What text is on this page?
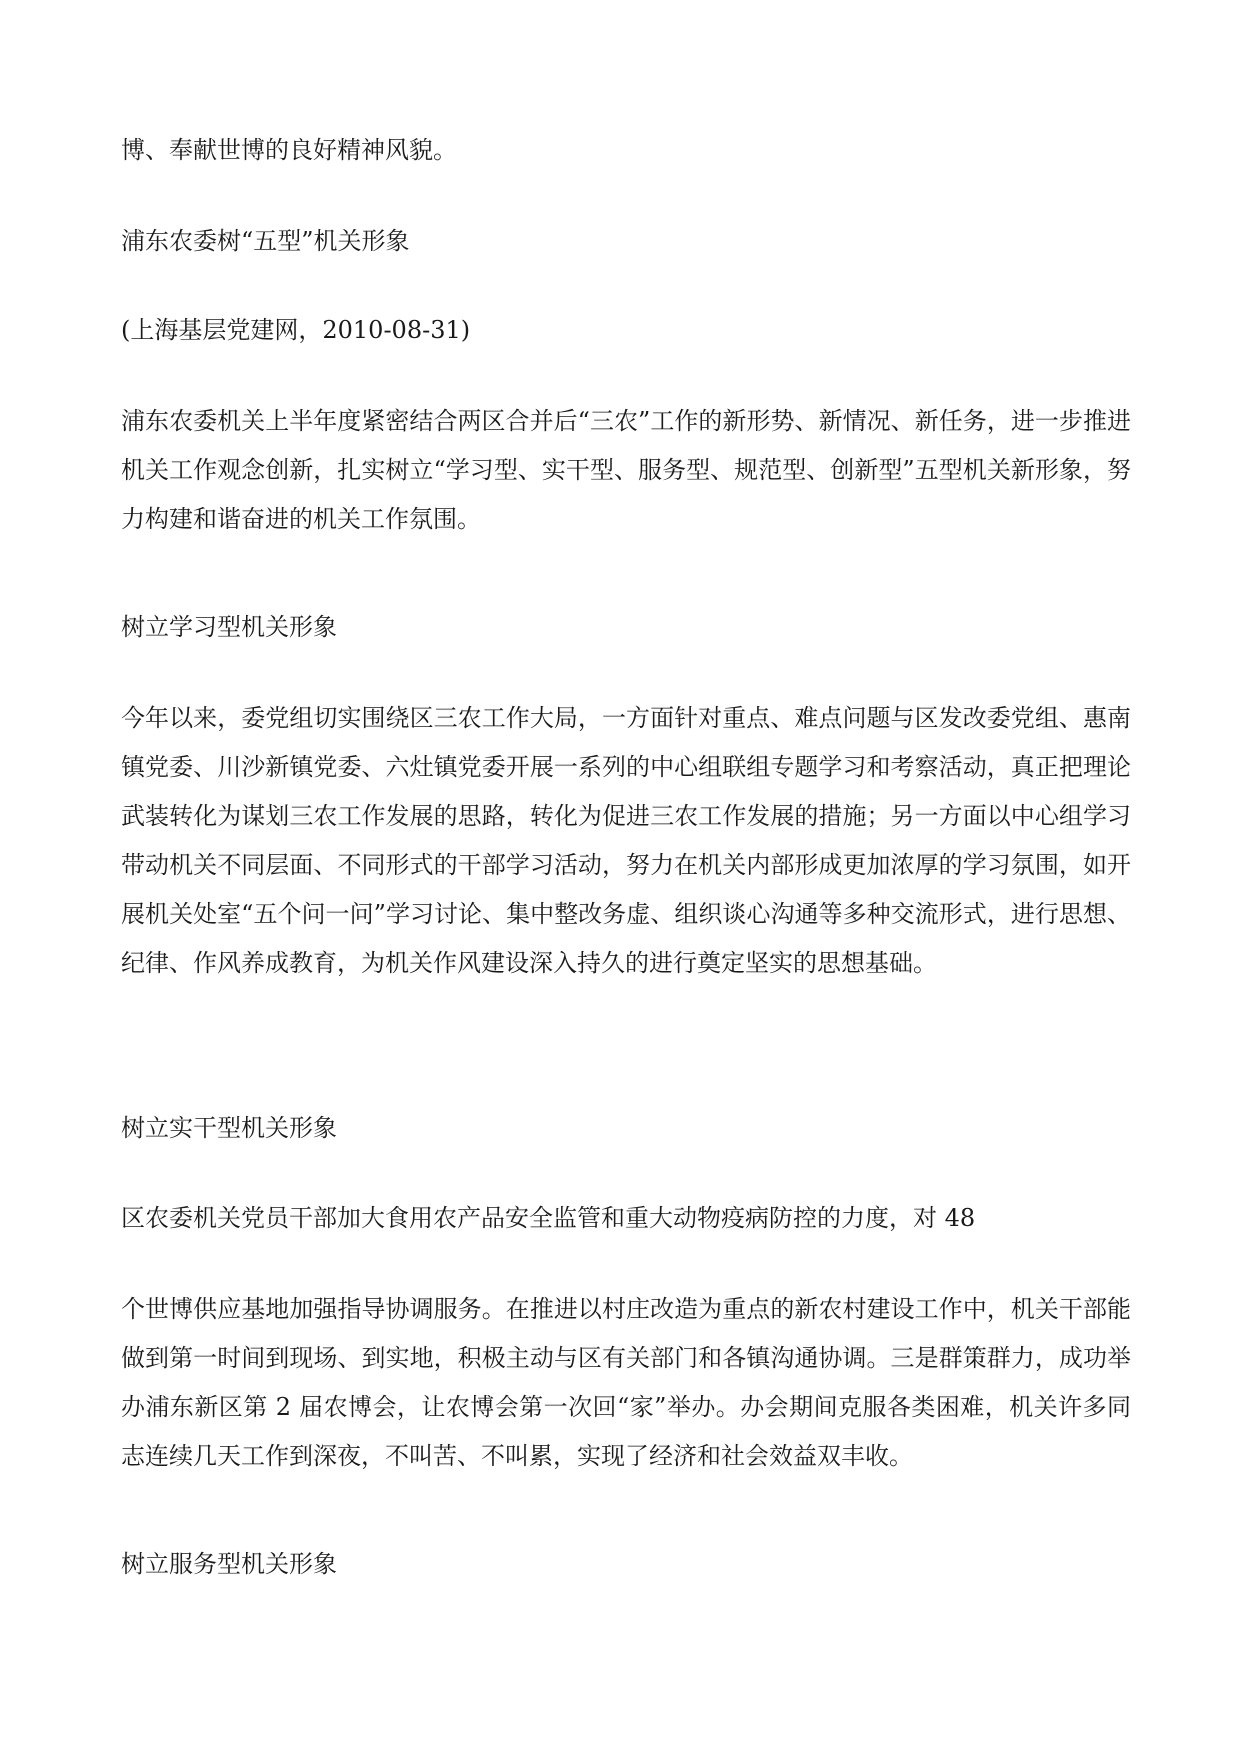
博、奉献世博的良好精神风貌。

浦东农委树“五型”机关形象

(上海基层党建网，2010-08-31)

浦东农委机关上半年度紧密结合两区合并后“三农”工作的新形势、新情况、新任务，进一步推进机关工作观念创新，扎实树立“学习型、实干型、服务型、规范型、创新型”五型机关新形象，努力构建和谐奋进的机关工作氛围。

树立学习型机关形象

今年以来，委党组切实围绕区三农工作大局，一方面针对重点、难点问题与区发改委党组、惠南镇党委、川沙新镇党委、六灶镇党委开展一系列的中心组联组专题学习和考察活动，真正把理论武装转化为谋划三农工作发展的思路，转化为促进三农工作发展的措施；另一方面以中心组学习带动机关不同层面、不同形式的干部学习活动，努力在机关内部形成更加浓厚的学习氛围，如开展机关处室“五个问一问”学习讨论、集中整改务虚、组织谈心沟通等多种交流形式，进行思想、纪律、作风养成教育，为机关作风建设深入持久的进行奠定坚实的思想基础。

树立实干型机关形象

区农委机关党员干部加大食用农产品安全监管和重大动物疫病防控的力度，对 48

个世博供应基地加强指导协调服务。在推进以村庄改造为重点的新农村建设工作中，机关干部能做到第一时间到现场、到实地，积极主动与区有关部门和各镇沟通协调。三是群策群力，成功举办浦东新区第 2 届农博会，让农博会第一次回“家”举办。办会期间克服各类困难，机关许多同志连续几天工作到深夜，不叫苦、不叫累，实现了经济和社会效益双丰收。

树立服务型机关形象
